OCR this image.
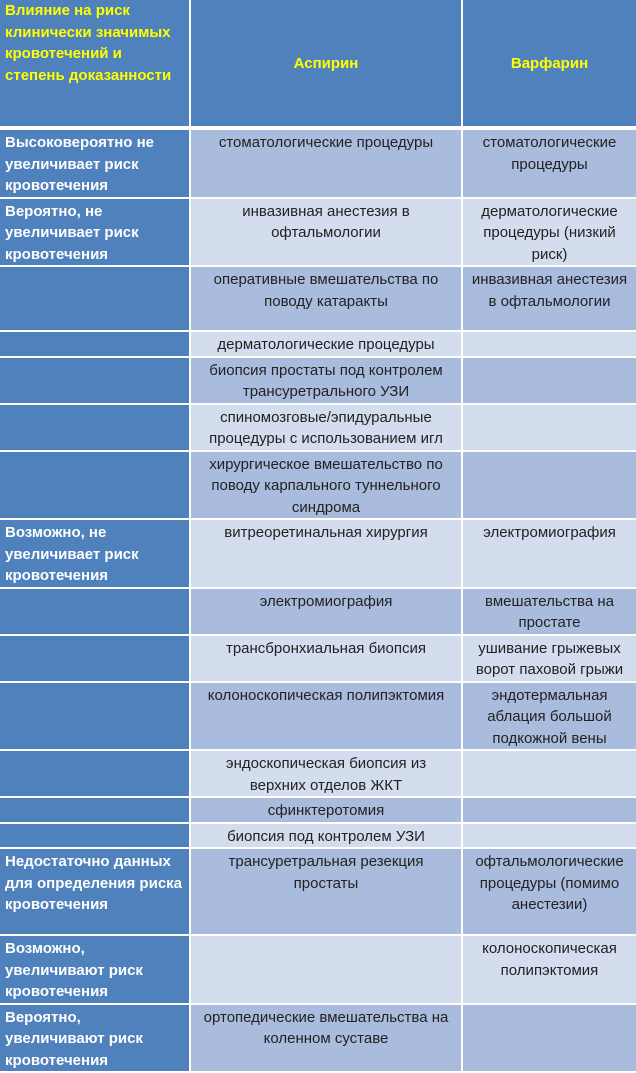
Влияние на риск клинически значимых кровотечений и степень доказанности	Аспирин	Варфарин
Высоковероятно не увеличивает риск кровотечения	стоматологические процедуры	стоматологические процедуры
Вероятно, не увеличивает риск кровотечения	инвазивная анестезия в офтальмологии	дерматологические процедуры (низкий риск)
	оперативные вмешательства по поводу катаракты	инвазивная анестезия в офтальмологии
	дерматологические процедуры	
	биопсия простаты под контролем трансуретрального УЗИ	
	спиномозговые/эпидуральные процедуры с использованием игл	
	хирургическое вмешательство по поводу карпального туннельного синдрома	
Возможно, не увеличивает риск кровотечения	витреоретинальная хирургия	электромиография
	электромиография	вмешательства на простате
	трансбронхиальная биопсия	ушивание грыжевых ворот паховой грыжи
	колоноскопическая полипэктомия	эндотермальная аблация большой подкожной вены
	эндоскопическая биопсия из верхних отделов ЖКТ	
	сфинктеротомия	
	биопсия под контролем УЗИ	
Недостаточно данных для определения риска кровотечения	трансуретральная резекция простаты	офтальмологические процедуры (помимо анестезии)
Возможно, увеличивают риск кровотечения		колоноскопическая полипэктомия
Вероятно, увеличивают риск кровотечения	ортопедические вмешательства на коленном суставе	
